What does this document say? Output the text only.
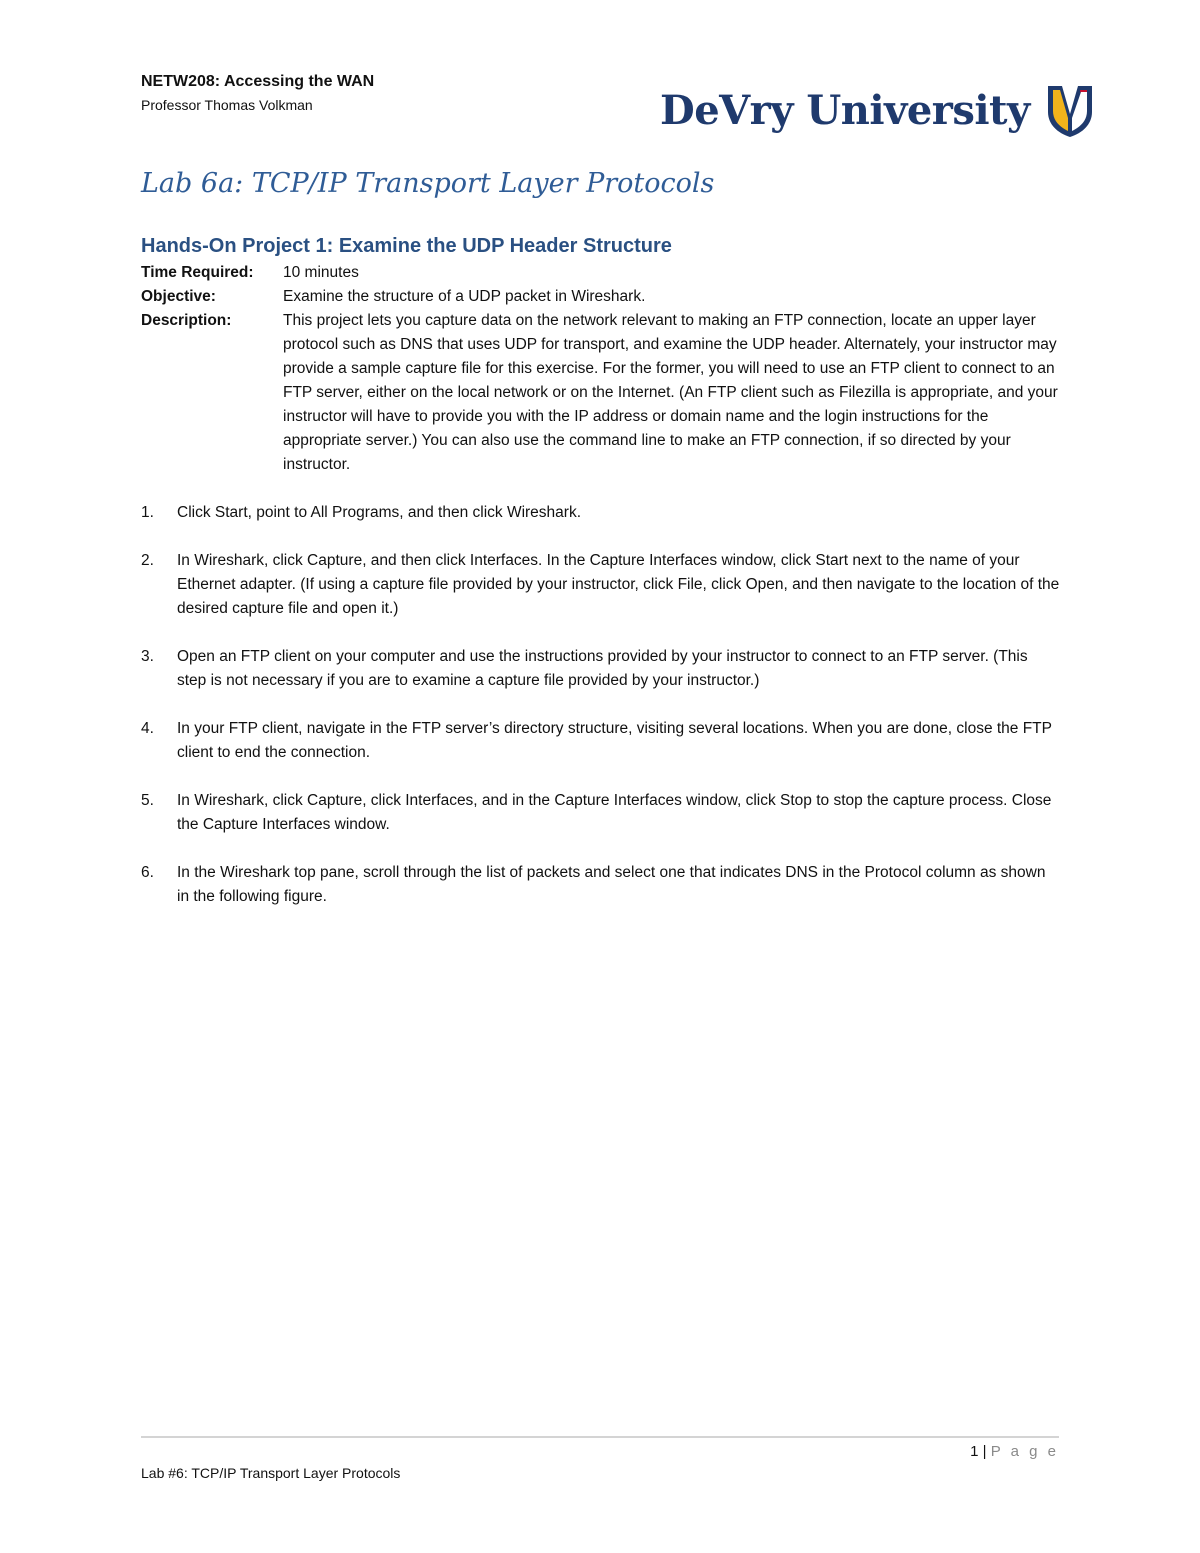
NETW208: Accessing the WAN
Professor Thomas Volkman	DeVry University
Lab 6a: TCP/IP Transport Layer Protocols
Hands-On Project 1: Examine the UDP Header Structure
Time Required:	10 minutes
Objective:	Examine the structure of a UDP packet in Wireshark.
Description:	This project lets you capture data on the network relevant to making an FTP connection, locate an upper layer protocol such as DNS that uses UDP for transport, and examine the UDP header. Alternately, your instructor may provide a sample capture file for this exercise. For the former, you will need to use an FTP client to connect to an FTP server, either on the local network or on the Internet. (An FTP client such as Filezilla is appropriate, and your instructor will have to provide you with the IP address or domain name and the login instructions for the appropriate server.) You can also use the command line to make an FTP connection, if so directed by your instructor.
1.	Click Start, point to All Programs, and then click Wireshark.
2.	In Wireshark, click Capture, and then click Interfaces. In the Capture Interfaces window, click Start next to the name of your Ethernet adapter. (If using a capture file provided by your instructor, click File, click Open, and then navigate to the location of the desired capture file and open it.)
3.	Open an FTP client on your computer and use the instructions provided by your instructor to connect to an FTP server. (This step is not necessary if you are to examine a capture file provided by your instructor.)
4.	In your FTP client, navigate in the FTP server’s directory structure, visiting several locations. When you are done, close the FTP client to end the connection.
5.	In Wireshark, click Capture, click Interfaces, and in the Capture Interfaces window, click Stop to stop the capture process. Close the Capture Interfaces window.
6.	In the Wireshark top pane, scroll through the list of packets and select one that indicates DNS in the Protocol column as shown in the following figure.
1 | P a g e
Lab #6: TCP/IP Transport Layer Protocols
